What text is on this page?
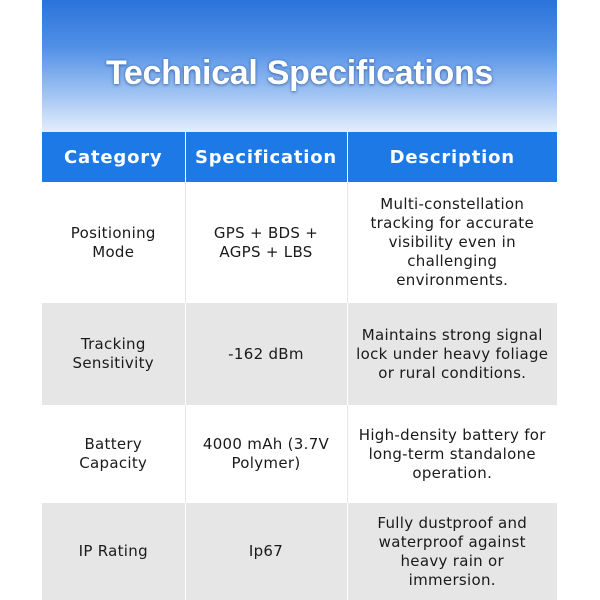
Technical Specifications
Category	Specification	Description
Positioning Mode	GPS + BDS + AGPS + LBS	Multi-constellation tracking for accurate visibility even in challenging environments.
Tracking Sensitivity	-162 dBm	Maintains strong signal lock under heavy foliage or rural conditions.
Battery Capacity	4000 mAh (3.7V Polymer)	High-density battery for long-term standalone operation.
IP Rating	Ip67	Fully dustproof and waterproof against heavy rain or immersion.
